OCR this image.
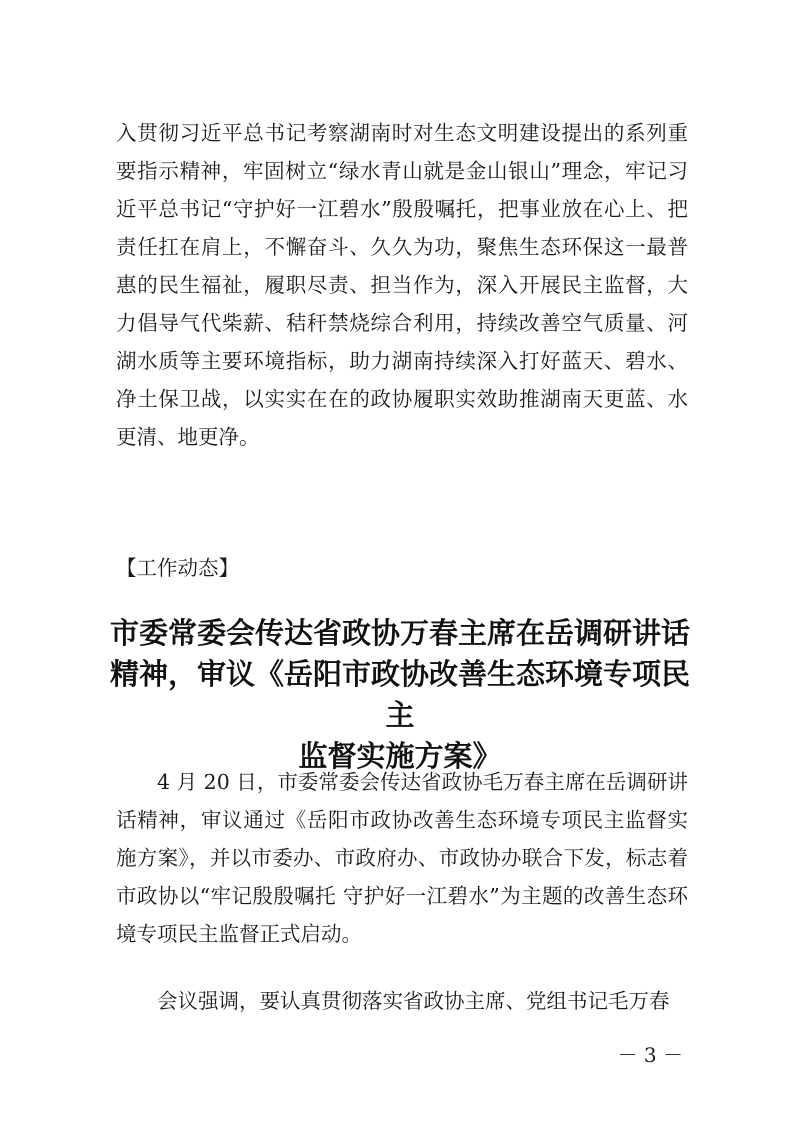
入贯彻习近平总书记考察湖南时对生态文明建设提出的系列重要指示精神，牢固树立“绿水青山就是金山银山”理念，牢记习近平总书记“守护好一江碧水”殷殷嘱托，把事业放在心上、把责任扛在肩上，不懈奋斗、久久为功，聚焦生态环保这一最普惠的民生福祉，履职尽责、担当作为，深入开展民主监督，大力倡导气代柴薪、秸秆禁烧综合利用，持续改善空气质量、河湖水质等主要环境指标，助力湖南持续深入打好蓝天、碧水、净土保卫战，以实实在在的政协履职实效助推湖南天更蓝、水更清、地更净。

【工作动态】

市委常委会传达省政协万春主席在岳调研讲话
精神，审议《岳阳市政协改善生态环境专项民主
监督实施方案》

4 月 20 日，市委常委会传达省政协毛万春主席在岳调研讲话精神，审议通过《岳阳市政协改善生态环境专项民主监督实施方案》，并以市委办、市政府办、市政协办联合下发，标志着市政协以“牢记殷殷嘱托 守护好一江碧水”为主题的改善生态环境专项民主监督正式启动。

会议强调，要认真贯彻落实省政协主席、党组书记毛万春

－ 3 －
